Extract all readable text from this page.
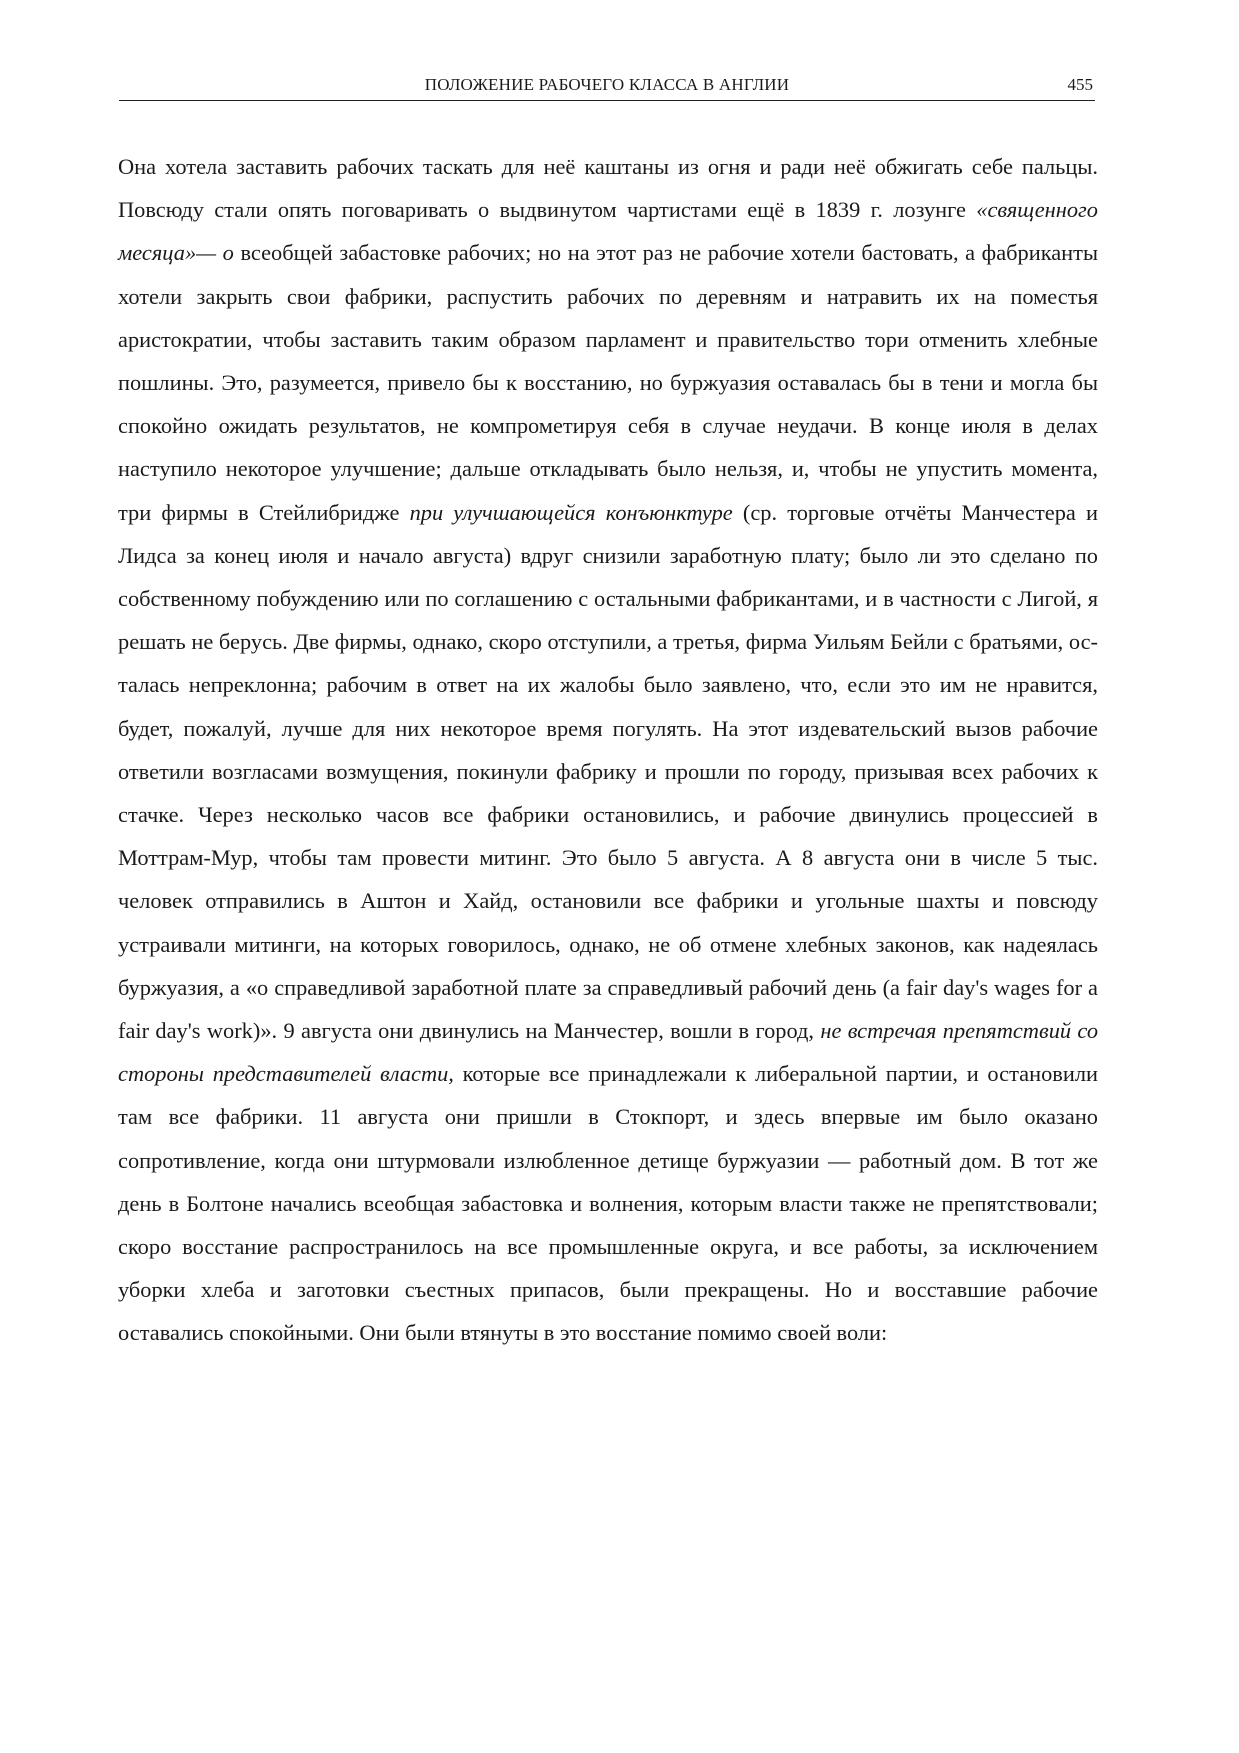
ПОЛОЖЕНИЕ РАБОЧЕГО КЛАССА В АНГЛИИ	455

Она хотела заставить рабочих таскать для неё каштаны из огня и ради неё обжигать себе пальцы. Повсюду стали опять поговаривать о выдвинутом чартистами ещё в 1839 г. лозунге «священного месяца»— о всеобщей забастовке рабочих; но на этот раз не рабочие хотели бастовать, а фабриканты хотели закрыть свои фабрики, распустить рабочих по деревням и натравить их на поместья аристократии, чтобы заставить таким образом парламент и правительство тори отменить хлебные пошлины. Это, разумеется, привело бы к восстанию, но буржуазия оставалась бы в тени и могла бы спокойно ожидать результатов, не компрометируя себя в случае неудачи. В конце июля в делах наступило некоторое улучшение; дальше откладывать было нельзя, и, чтобы не упустить момента, три фирмы в Стейлибридже при улучшающейся конъюнктуре (ср. торговые отчёты Манчестера и Лидса за конец июля и начало августа) вдруг снизили заработную плату; было ли это сделано по собственному побуждению или по соглашению с остальными фабрикантами, и в частности с Лигой, я решать не берусь. Две фирмы, однако, скоро отступили, а третья, фирма Уильям Бейли с братьями, осталась непреклонна; рабочим в ответ на их жалобы было заявлено, что, если это им не нравится, будет, пожалуй, лучше для них некоторое время погулять. На этот издевательский вызов рабочие ответили возгласами возмущения, покинули фабрику и прошли по городу, призывая всех рабочих к стачке. Через несколько часов все фабрики остановились, и рабочие двинулись процессией в Моттрам-Мур, чтобы там провести митинг. Это было 5 августа. А 8 августа они в числе 5 тыс. человек отправились в Аштон и Хайд, остановили все фабрики и угольные шахты и повсюду устраивали митинги, на которых говорилось, однако, не об отмене хлебных законов, как надеялась буржуазия, а «о справедливой заработной плате за справедливый рабочий день (a fair day's wages for a fair day's work)». 9 августа они двинулись на Манчестер, вошли в город, не встречая препятствий со стороны представителей власти, которые все принадлежали к либеральной партии, и остановили там все фабрики. 11 августа они пришли в Стокпорт, и здесь впервые им было оказано сопротивление, когда они штурмовали излюбленное детище буржуазии — работный дом. В тот же день в Болтоне начались всеобщая забастовка и волнения, которым власти также не препятствовали; скоро восстание распространилось на все промышленные округа, и все работы, за исключением уборки хлеба и заготовки съестных припасов, были прекращены. Но и восставшие рабочие оставались спокойными. Они были втянуты в это восстание помимо своей воли:
